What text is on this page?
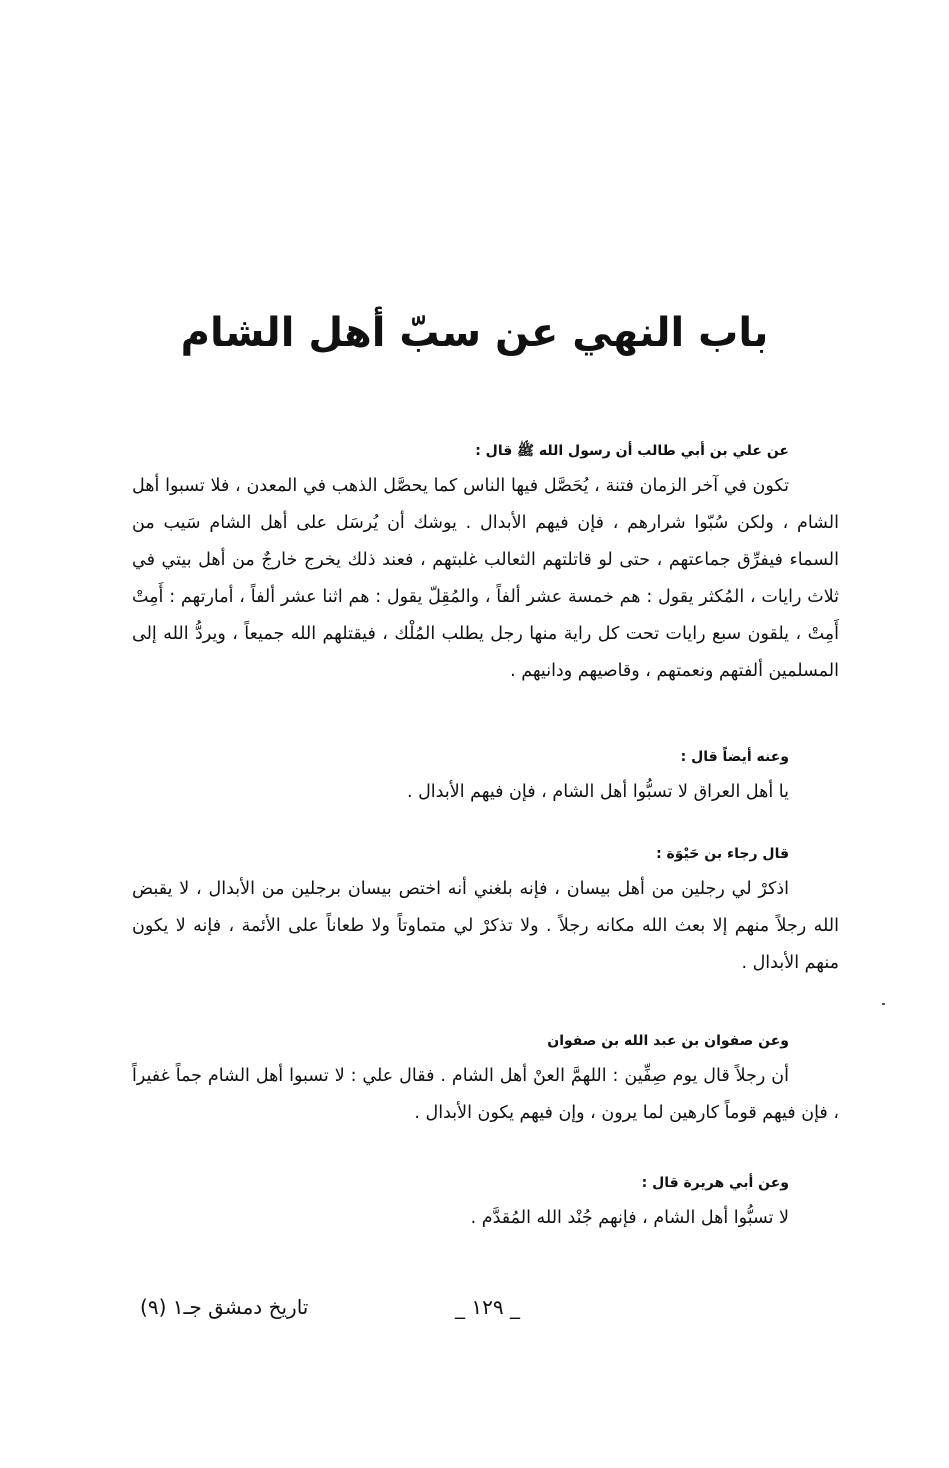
باب النهي عن سبّ أهل الشام

عن علي بن أبي طالب أن رسول الله ﷺ قال :

تكون في آخر الزمان فتنة ، يُحَصَّل فيها الناس كما يحصَّل الذهب في المعدن ، فلا تسبوا أهل الشام ، ولكن سُبّوا شرارهم ، فإن فيهم الأبدال . يوشك أن يُرسَل على أهل الشام سَيب من السماء فيفرِّق جماعتهم ، حتى لو قاتلتهم الثعالب غلبتهم ، فعند ذلك يخرج خارجٌ من أهل بيتي في ثلاث رايات ، المُكثر يقول : هم خمسة عشر ألفاً ، والمُقِلّ يقول : هم اثنا عشر ألفاً ، أمارتهم : أَمِتْ أَمِتْ ، يلقون سبع رايات تحت كل راية منها رجل يطلب المُلْك ، فيقتلهم الله جميعاً ، ويردُّ الله إلى المسلمين ألفتهم ونعمتهم ، وقاصيهم ودانيهم .

وعنه أيضاً قال :

يا أهل العراق لا تسبُّوا أهل الشام ، فإن فيهم الأبدال .

قال رجاء بن حَيْوَة :

اذكرْ لي رجلين من أهل بيسان ، فإنه بلغني أنه اختص بيسان برجلين من الأبدال ، لا يقبض الله رجلاً منهم إلا بعث الله مكانه رجلاً . ولا تذكرْ لي متماوتاً ولا طعاناً على الأئمة ، فإنه لا يكون منهم الأبدال .

وعن صفوان بن عبد الله بن صفوان

أن رجلاً قال يوم صِفِّين : اللهمَّ العنْ أهل الشام . فقال علي : لا تسبوا أهل الشام جماً غفيراً ، فإن فيهم قوماً كارهين لما يرون ، وإن فيهم يكون الأبدال .

وعن أبي هريرة قال :

لا تسبُّوا أهل الشام ، فإنهم جُنْد الله المُقدَّم .

_ ١٢٩ _
تاريخ دمشق جـ١ (٩)
